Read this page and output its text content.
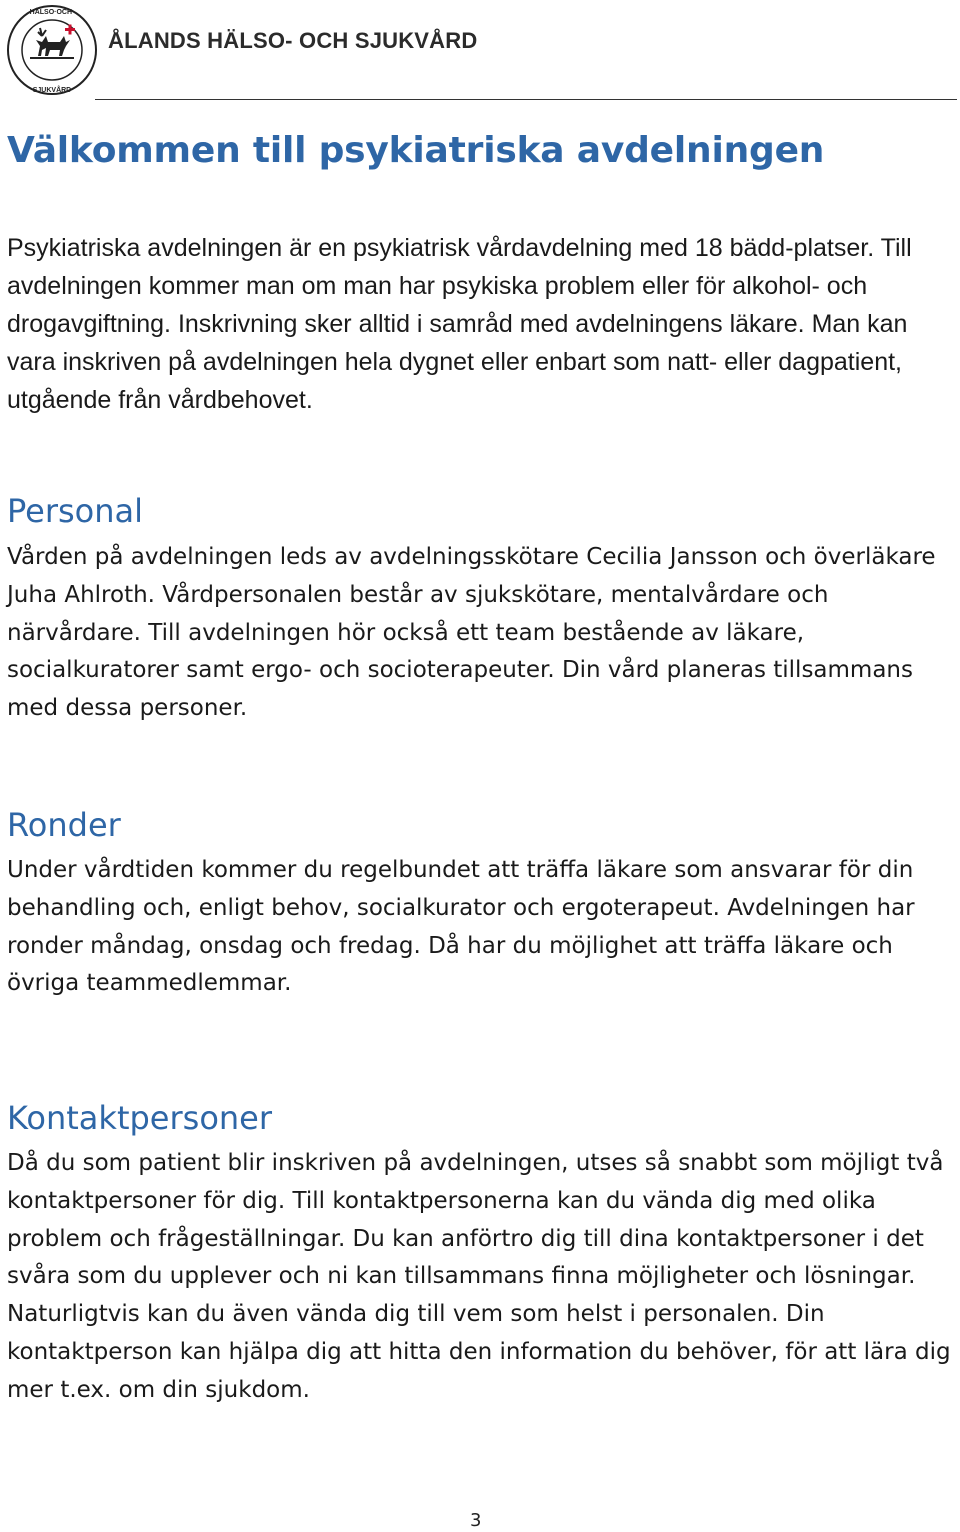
HÄLSO·OCH·
SJUKVÅRD
ÅLANDS HÄLSO- OCH SJUKVÅRD
Välkommen till psykiatriska avdelningen

Psykiatriska avdelningen är en psykiatrisk vårdavdelning med 18 bädd-platser. Till avdelningen kommer man om man har psykiska problem eller för alkohol- och drogavgiftning. Inskrivning sker alltid i samråd med avdelningens läkare. Man kan vara inskriven på avdelningen hela dygnet eller enbart som natt- eller dagpatient, utgående från vårdbehovet.

Personal

Vården på avdelningen leds av avdelningsskötare Cecilia Jansson och överläkare Juha Ahlroth. Vårdpersonalen består av sjukskötare, mentalvårdare och närvårdare. Till avdelningen hör också ett team bestående av läkare, socialkuratorer samt ergo- och socioterapeuter. Din vård planeras tillsammans med dessa personer.

Ronder

Under vårdtiden kommer du regelbundet att träffa läkare som ansvarar för din behandling och, enligt behov, socialkurator och ergoterapeut. Avdelningen har ronder måndag, onsdag och fredag. Då har du möjlighet att träffa läkare och övriga teammedlemmar.

Kontaktpersoner

Då du som patient blir inskriven på avdelningen, utses så snabbt som möjligt två kontaktpersoner för dig. Till kontaktpersonerna kan du vända dig med olika problem och frågeställningar. Du kan anförtro dig till dina kontaktpersoner i det svåra som du upplever och ni kan tillsammans finna möjligheter och lösningar. Naturligtvis kan du även vända dig till vem som helst i personalen. Din kontaktperson kan hjälpa dig att hitta den information du behöver, för att lära dig mer t.ex. om din sjukdom.

3
